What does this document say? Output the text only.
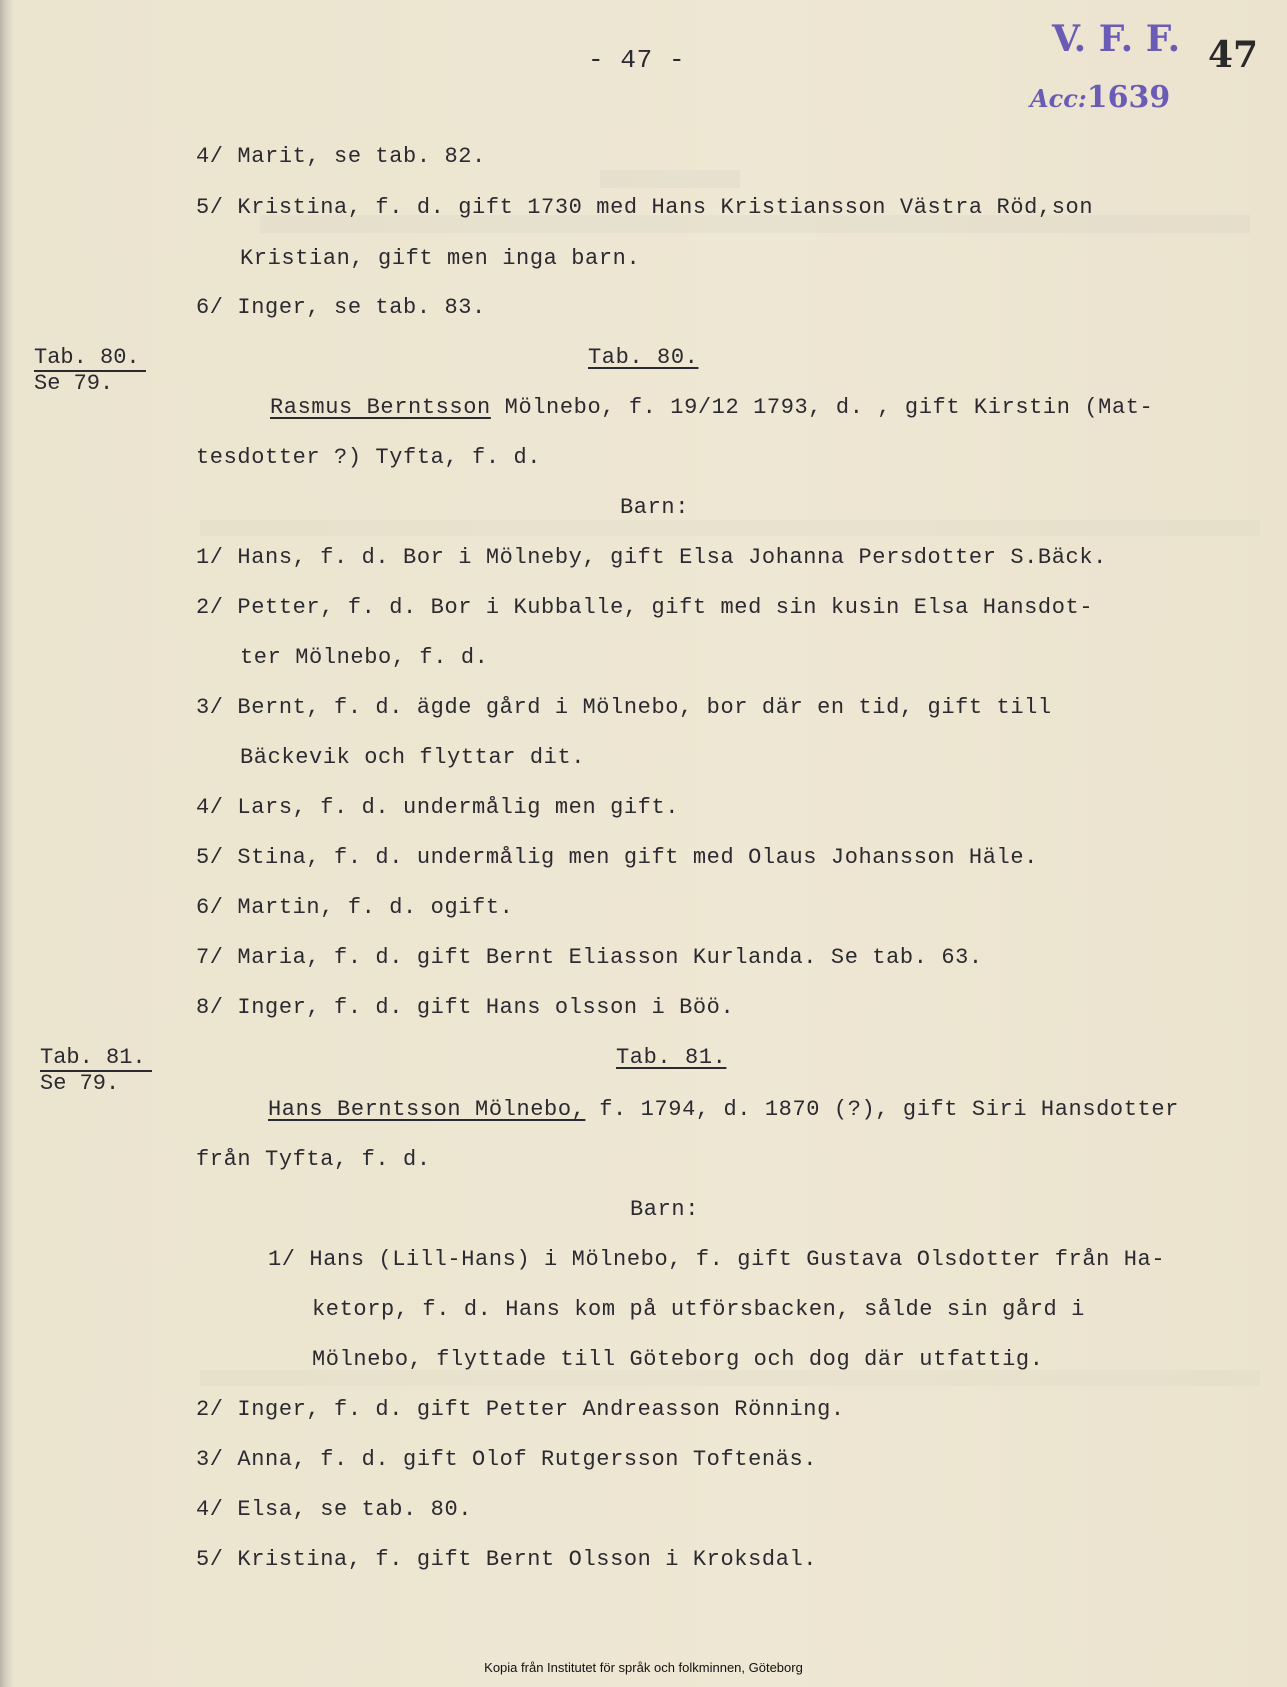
V. F. F.
Acc:1639
47
- 47 -
Tab. 80.
Se 79.
Tab. 81.
Se 79.
4/ Marit, se tab. 82.
5/ Kristina, f. d. gift 1730 med Hans Kristiansson Västra Röd,son
Kristian, gift men inga barn.
6/ Inger, se tab. 83.
Tab. 80.
Rasmus Berntsson Mölnebo, f. 19/12 1793, d. , gift Kirstin (Mat-
tesdotter ?) Tyfta, f. d.
Barn:
1/ Hans, f. d. Bor i Mölneby, gift Elsa Johanna Persdotter S.Bäck.
2/ Petter, f. d. Bor i Kubballe, gift med sin kusin Elsa Hansdot-
ter Mölnebo, f. d.
3/ Bernt, f. d. ägde gård i Mölnebo, bor där en tid, gift till
Bäckevik och flyttar dit.
4/ Lars, f. d. undermålig men gift.
5/ Stina, f. d. undermålig men gift med Olaus Johansson Häle.
6/ Martin, f. d. ogift.
7/ Maria, f. d. gift Bernt Eliasson Kurlanda. Se tab. 63.
8/ Inger, f. d. gift Hans olsson i Böö.
Tab. 81.
Hans Berntsson Mölnebo, f. 1794, d. 1870 (?), gift Siri Hansdotter
från Tyfta, f. d.
Barn:
1/ Hans (Lill-Hans) i Mölnebo, f. gift Gustava Olsdotter från Ha-
ketorp, f. d. Hans kom på utförsbacken, sålde sin gård i
Mölnebo, flyttade till Göteborg och dog där utfattig.
2/ Inger, f. d. gift Petter Andreasson Rönning.
3/ Anna, f. d. gift Olof Rutgersson Toftenäs.
4/ Elsa, se tab. 80.
5/ Kristina, f. gift Bernt Olsson i Kroksdal.
Kopia från Institutet för språk och folkminnen, Göteborg
